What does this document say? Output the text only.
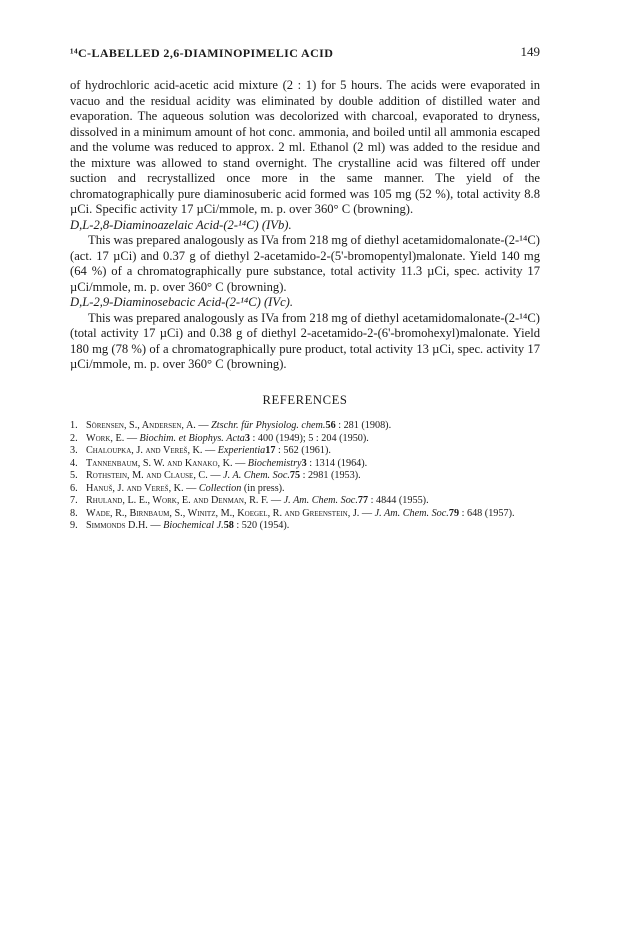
¹⁴C-LABELLED 2,6-DIAMINOPIMELIC ACID	149

of hydrochloric acid-acetic acid mixture (2 : 1) for 5 hours. The acids were evaporated in vacuo and the residual acidity was eliminated by double addition of distilled water and evaporation. The aqueous solution was decolorized with charcoal, evaporated to dryness, dissolved in a minimum amount of hot conc. ammonia, and boiled until all ammonia escaped and the volume was reduced to approx. 2 ml. Ethanol (2 ml) was added to the residue and the mixture was allowed to stand overnight. The crystalline acid was filtered off under suction and recrystallized once more in the same manner. The yield of the chromatographically pure diaminosuberic acid formed was 105 mg (52 %), total activity 8.8 µCi. Specific activity 17 µCi/mmole, m. p. over 360° C (browning).

D,L-2,8-Diaminoazelaic Acid-(2-¹⁴C) (IVb).

This was prepared analogously as IVa from 218 mg of diethyl acetamidomalonate-(2-¹⁴C) (act. 17 µCi) and 0.37 g of diethyl 2-acetamido-2-(5'-bromopentyl)malonate. Yield 140 mg (64 %) of a chromatographically pure substance, total activity 11.3 µCi, spec. activity 17 µCi/mmole, m. p. over 360° C (browning).

D,L-2,9-Diaminosebacic Acid-(2-¹⁴C) (IVc).

This was prepared analogously as IVa from 218 mg of diethyl acetamidomalonate-(2-¹⁴C) (total activity 17 µCi) and 0.38 g of diethyl 2-acetamido-2-(6'-bromohexyl)malonate. Yield 180 mg (78 %) of a chromatographically pure product, total activity 13 µCi, spec. activity 17 µCi/mmole, m. p. over 360° C (browning).

REFERENCES
1. Sörensen, S., Andersen, A. — Ztschr. für Physiolog. chem.56 : 281 (1908).
2. Work, E. — Biochim. et Biophys. Acta3 : 400 (1949); 5 : 204 (1950).
3. Chaloupka, J. and Vereš, K. — Experientia17 : 562 (1961).
4. Tannenbaum, S. W. and Kanako, K. — Biochemistry3 : 1314 (1964).
5. Rothstein, M. and Clause, C. — J. A. Chem. Soc.75 : 2981 (1953).
6. Hanuš, J. and Vereš, K. — Collection (in press).
7. Rhuland, L. E., Work, E. and Denman, R. F. — J. Am. Chem. Soc.77 : 4844 (1955).
8. Wade, R., Birnbaum, S., Winitz, M., Koegel, R. and Greenstein, J. — J. Am. Chem. Soc.79 : 648 (1957).
9. Simmonds D.H. — Biochemical J.58 : 520 (1954).
